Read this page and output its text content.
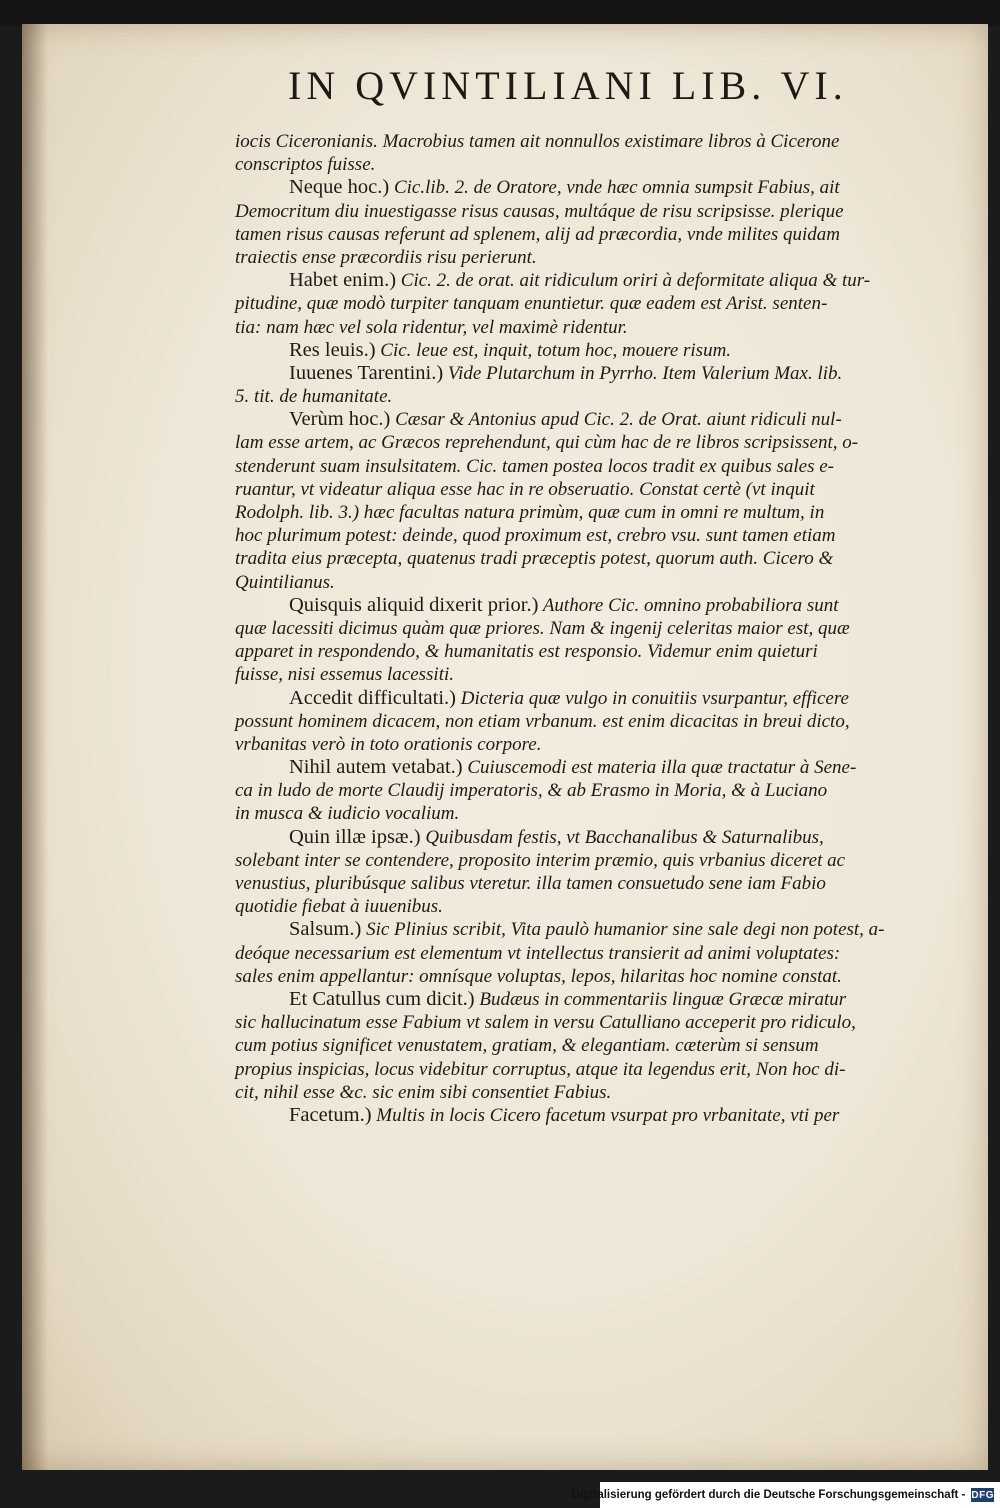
IN QVINTILIANI LIB. VI.
iocis Ciceronianis. Macrobius tamen ait nonnullos existimare libros à Cicerone
conscriptos fuisse.
Neque hoc.) Cic.lib. 2. de Oratore, vnde hæc omnia sumpsit Fabius, ait
Democritum diu inuestigasse risus causas, multáque de risu scripsisse. plerique
tamen risus causas referunt ad splenem, alij ad præcordia, vnde milites quidam
traiectis ense præcordiis risu perierunt.
Habet enim.) Cic. 2. de orat. ait ridiculum oriri à deformitate aliqua & tur-
pitudine, quæ modò turpiter tanquam enuntietur. quæ eadem est Arist. senten-
tia: nam hæc vel sola ridentur, vel maximè ridentur.
Res leuis.) Cic. leue est, inquit, totum hoc, mouere risum.
Iuuenes Tarentini.) Vide Plutarchum in Pyrrho. Item Valerium Max. lib.
5. tit. de humanitate.
Verùm hoc.) Cæsar & Antonius apud Cic. 2. de Orat. aiunt ridiculi nul-
lam esse artem, ac Græcos reprehendunt, qui cùm hac de re libros scripsissent, o-
stenderunt suam insulsitatem. Cic. tamen postea locos tradit ex quibus sales e-
ruantur, vt videatur aliqua esse hac in re obseruatio. Constat certè (vt inquit
Rodolph. lib. 3.) hæc facultas natura primùm, quæ cum in omni re multum, in
hoc plurimum potest: deinde, quod proximum est, crebro vsu. sunt tamen etiam
tradita eius præcepta, quatenus tradi præceptis potest, quorum auth. Cicero &
Quintilianus.
Quisquis aliquid dixerit prior.) Authore Cic. omnino probabiliora sunt
quæ lacessiti dicimus quàm quæ priores. Nam & ingenij celeritas maior est, quæ
apparet in respondendo, & humanitatis est responsio. Videmur enim quieturi
fuisse, nisi essemus lacessiti.
Accedit difficultati.) Dicteria quæ vulgo in conuitiis vsurpantur, efficere
possunt hominem dicacem, non etiam vrbanum. est enim dicacitas in breui dicto,
vrbanitas verò in toto orationis corpore.
Nihil autem vetabat.) Cuiuscemodi est materia illa quæ tractatur à Sene-
ca in ludo de morte Claudij imperatoris, & ab Erasmo in Moria, & à Luciano
in musca & iudicio vocalium.
Quin illæ ipsæ.) Quibusdam festis, vt Bacchanalibus & Saturnalibus,
solebant inter se contendere, proposito interim præmio, quis vrbanius diceret ac
venustius, pluribúsque salibus vteretur. illa tamen consuetudo sene iam Fabio
quotidie fiebat à iuuenibus.
Salsum.) Sic Plinius scribit, Vita paulò humanior sine sale degi non potest, a-
deóque necessarium est elementum vt intellectus transierit ad animi voluptates:
sales enim appellantur: omnísque voluptas, lepos, hilaritas hoc nomine constat.
Et Catullus cum dicit.) Budæus in commentariis linguæ Græcæ miratur
sic hallucinatum esse Fabium vt salem in versu Catulliano acceperit pro ridiculo,
cum potius significet venustatem, gratiam, & elegantiam. cæterùm si sensum
propius inspicias, locus videbitur corruptus, atque ita legendus erit, Non hoc di-
cit, nihil esse &c. sic enim sibi consentiet Fabius.
Facetum.) Multis in locis Cicero facetum vsurpat pro vrbanitate, vti per
Digitalisierung gefördert durch die Deutsche Forschungsgemeinschaft - DFG
